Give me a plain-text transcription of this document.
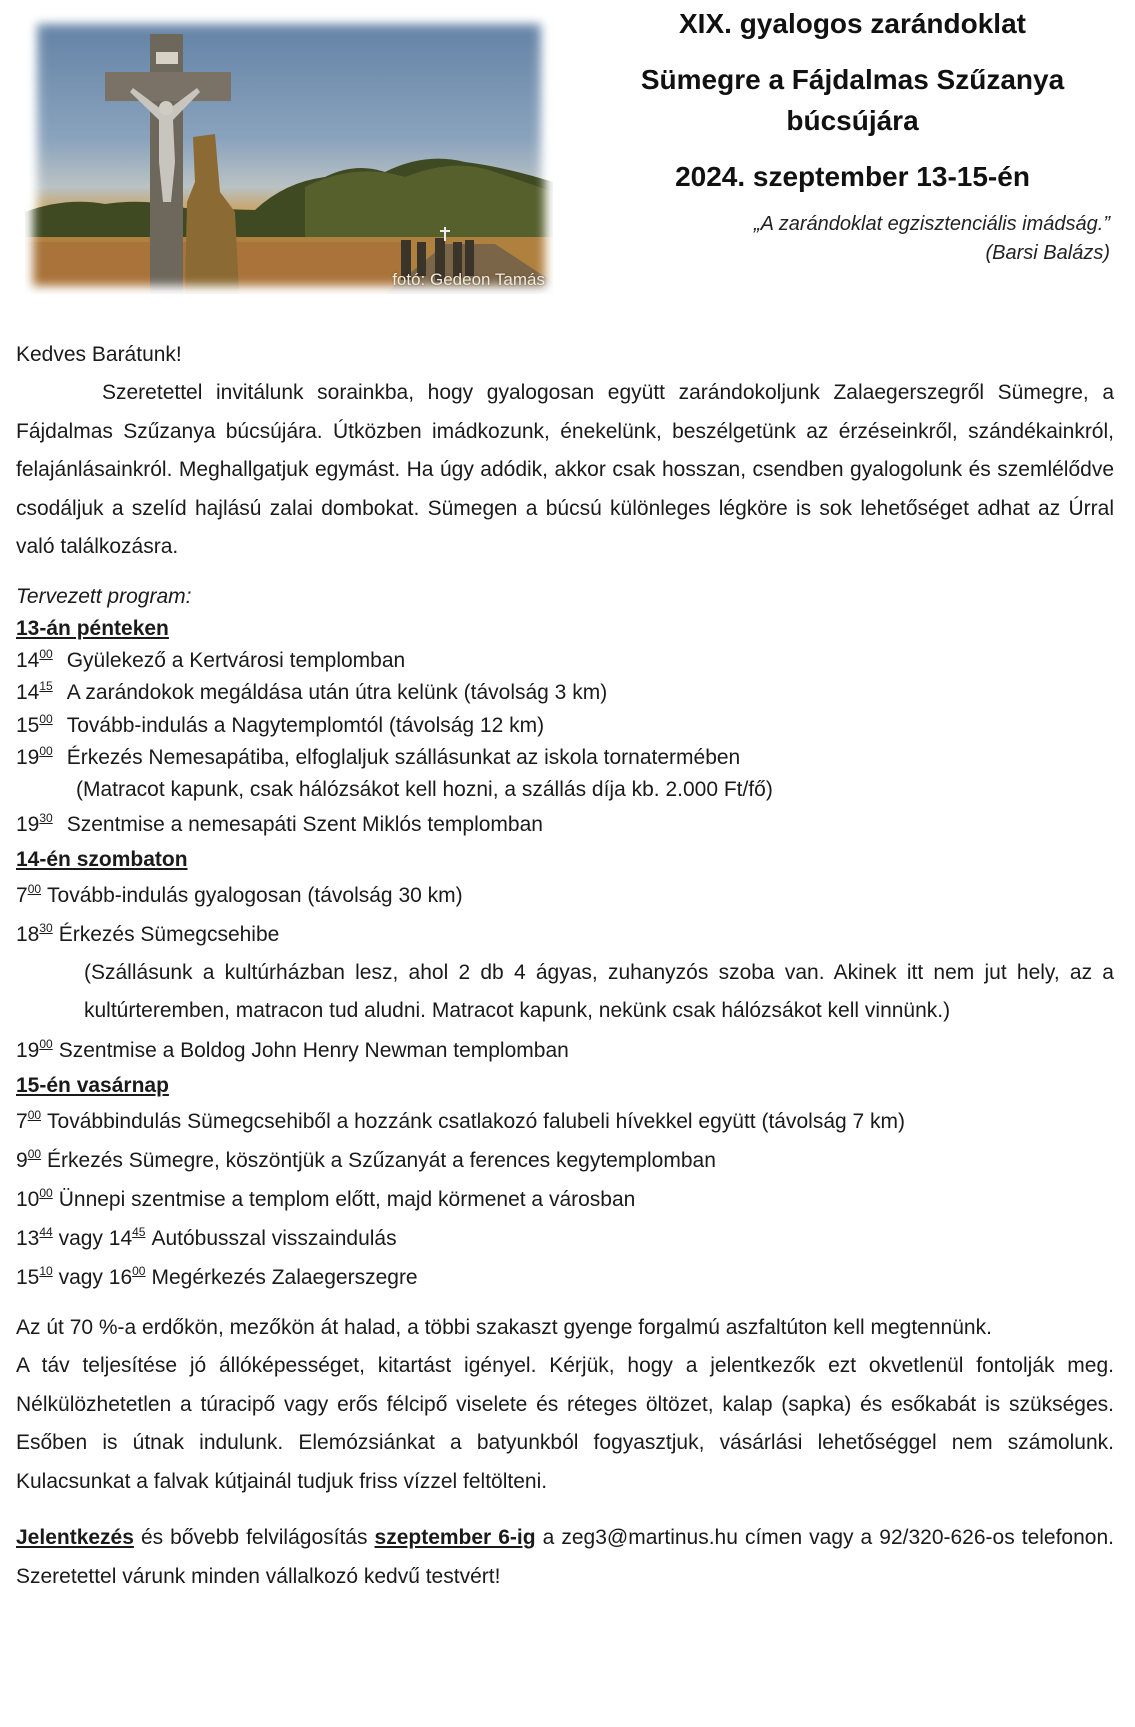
fotó: Gedeon Tamás
XIX. gyalogos zarándoklat
Sümegre a Fájdalmas Szűzanya
búcsújára
2024. szeptember 13-15-én
„A zarándoklat egzisztenciális imádság.”
(Barsi Balázs)

Kedves Barátunk!

Szeretettel invitálunk sorainkba, hogy gyalogosan együtt zarándokoljunk Zalaegerszegről Sümegre, a Fájdalmas Szűzanya búcsújára. Útközben imádkozunk, énekelünk, beszélgetünk az érzéseinkről, szándékainkról, felajánlásainkról. Meghallgatjuk egymást. Ha úgy adódik, akkor csak hosszan, csendben gyalogolunk és szemlélődve csodáljuk a szelíd hajlású zalai dombokat. Sümegen a búcsú különleges légköre is sok lehetőséget adhat az Úrral való találkozásra.

Tervezett program:
13-án pénteken
$14^{00}$ Gyülekező a Kertvárosi templomban
$14^{15}$ A zarándokok megáldása után útra kelünk (távolság 3 km)
$15^{00}$ Tovább-indulás a Nagytemplomtól (távolság 12 km)
$19^{00}$ Érkezés Nemesapátiba, elfoglaljuk szállásunkat az iskola tornatermében
(Matracot kapunk, csak hálózsákot kell hozni, a szállás díja kb. 2.000 Ft/fő)
$19^{30}$ Szentmise a nemesapáti Szent Miklós templomban
14-én szombaton
$7^{00}$ Tovább-indulás gyalogosan (távolság 30 km)
$18^{30}$ Érkezés Sümegcsehibe
(Szállásunk a kultúrházban lesz, ahol 2 db 4 ágyas, zuhanyzós szoba van. Akinek itt nem jut hely, az a kultúrteremben, matracon tud aludni. Matracot kapunk, nekünk csak hálózsákot kell vinnünk.)
$19^{00}$ Szentmise a Boldog John Henry Newman templomban
15-én vasárnap
$7^{00}$ Továbbindulás Sümegcsehiből a hozzánk csatlakozó falubeli hívekkel együtt (távolság 7 km)
$9^{00}$ Érkezés Sümegre, köszöntjük a Szűzanyát a ferences kegytemplomban
$10^{00}$ Ünnepi szentmise a templom előtt, majd körmenet a városban
$13^{44}$ vagy $14^{45}$ Autóbusszal visszaindulás
$15^{10}$ vagy $16^{00}$ Megérkezés Zalaegerszegre

Az út 70 %-a erdőkön, mezőkön át halad, a többi szakaszt gyenge forgalmú aszfaltúton kell megtennünk.

A táv teljesítése jó állóképességet, kitartást igényel. Kérjük, hogy a jelentkezők ezt okvetlenül fontolják meg. Nélkülözhetetlen a túracipő vagy erős félcipő viselete és réteges öltözet, kalap (sapka) és esőkabát is szükséges. Esőben is útnak indulunk. Elemózsiánkat a batyunkból fogyasztjuk, vásárlási lehetőséggel nem számolunk. Kulacsunkat a falvak kútjainál tudjuk friss vízzel feltölteni.

Jelentkezés és bővebb felvilágosítás szeptember 6-ig a zeg3@martinus.hu címen vagy a 92/320-626-os telefonon. Szeretettel várunk minden vállalkozó kedvű testvért!
